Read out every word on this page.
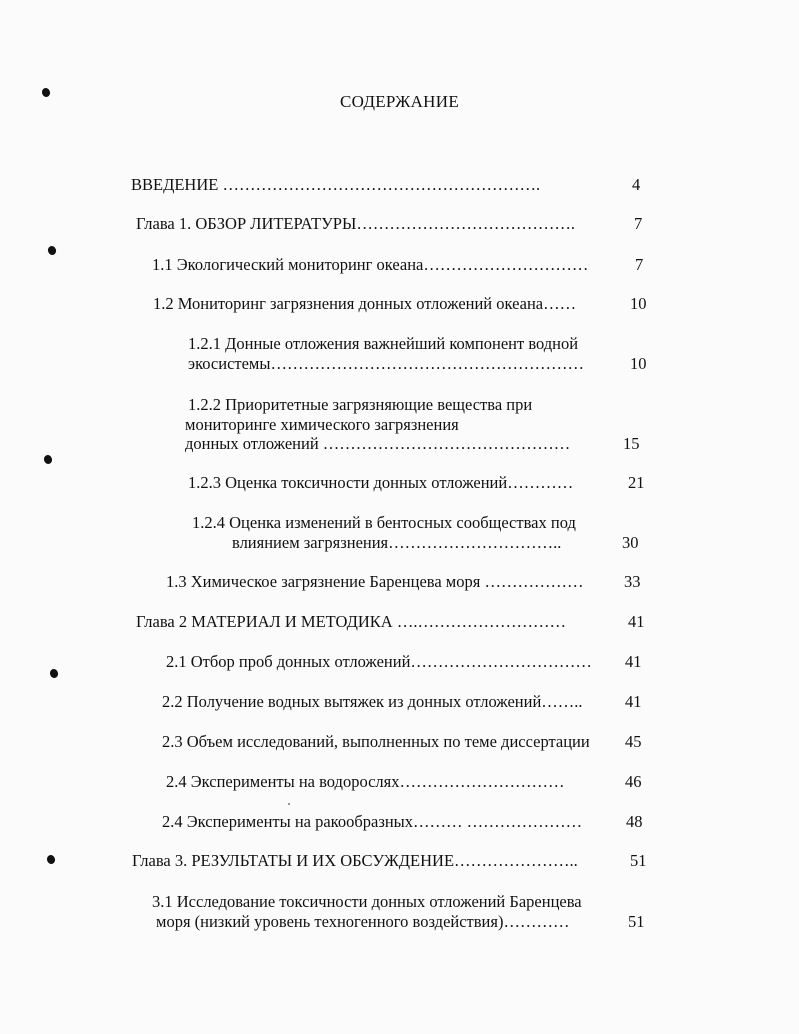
СОДЕРЖАНИЕ
ВВЕДЕНИЕ ………………………………………………….	4
Глава 1. ОБЗОР ЛИТЕРАТУРЫ………………………………….	7
1.1 Экологический мониторинг океана…………………………	7
1.2 Мониторинг загрязнения донных отложений океана……	10
1.2.1 Донные отложения важнейший компонент водной
экосистемы…………………………………………………	10
1.2.2 Приоритетные загрязняющие вещества при
мониторинге химического загрязнения
донных отложений ………………………………………	15
1.2.3 Оценка токсичности донных отложений…………	21
1.2.4 Оценка изменений в бентосных сообществах под
влиянием загрязнения…………………………..	30
1.3 Химическое загрязнение Баренцева моря ……………… 33
Глава 2 МАТЕРИАЛ И МЕТОДИКА ….………………………	41
2.1 Отбор проб донных отложений…………………………… 41
2.2 Получение водных вытяжек из донных отложений……..	41
2.3 Объем исследований, выполненных по теме диссертации 45
2.4 Эксперименты на водорослях…………………………	46
2.4 Эксперименты на ракообразных……… …………………	48
Глава 3. РЕЗУЛЬТАТЫ И ИХ ОБСУЖДЕНИЕ…………………..	51
3.1 Исследование токсичности донных отложений Баренцева
моря (низкий уровень техногенного воздействия)…………	51
